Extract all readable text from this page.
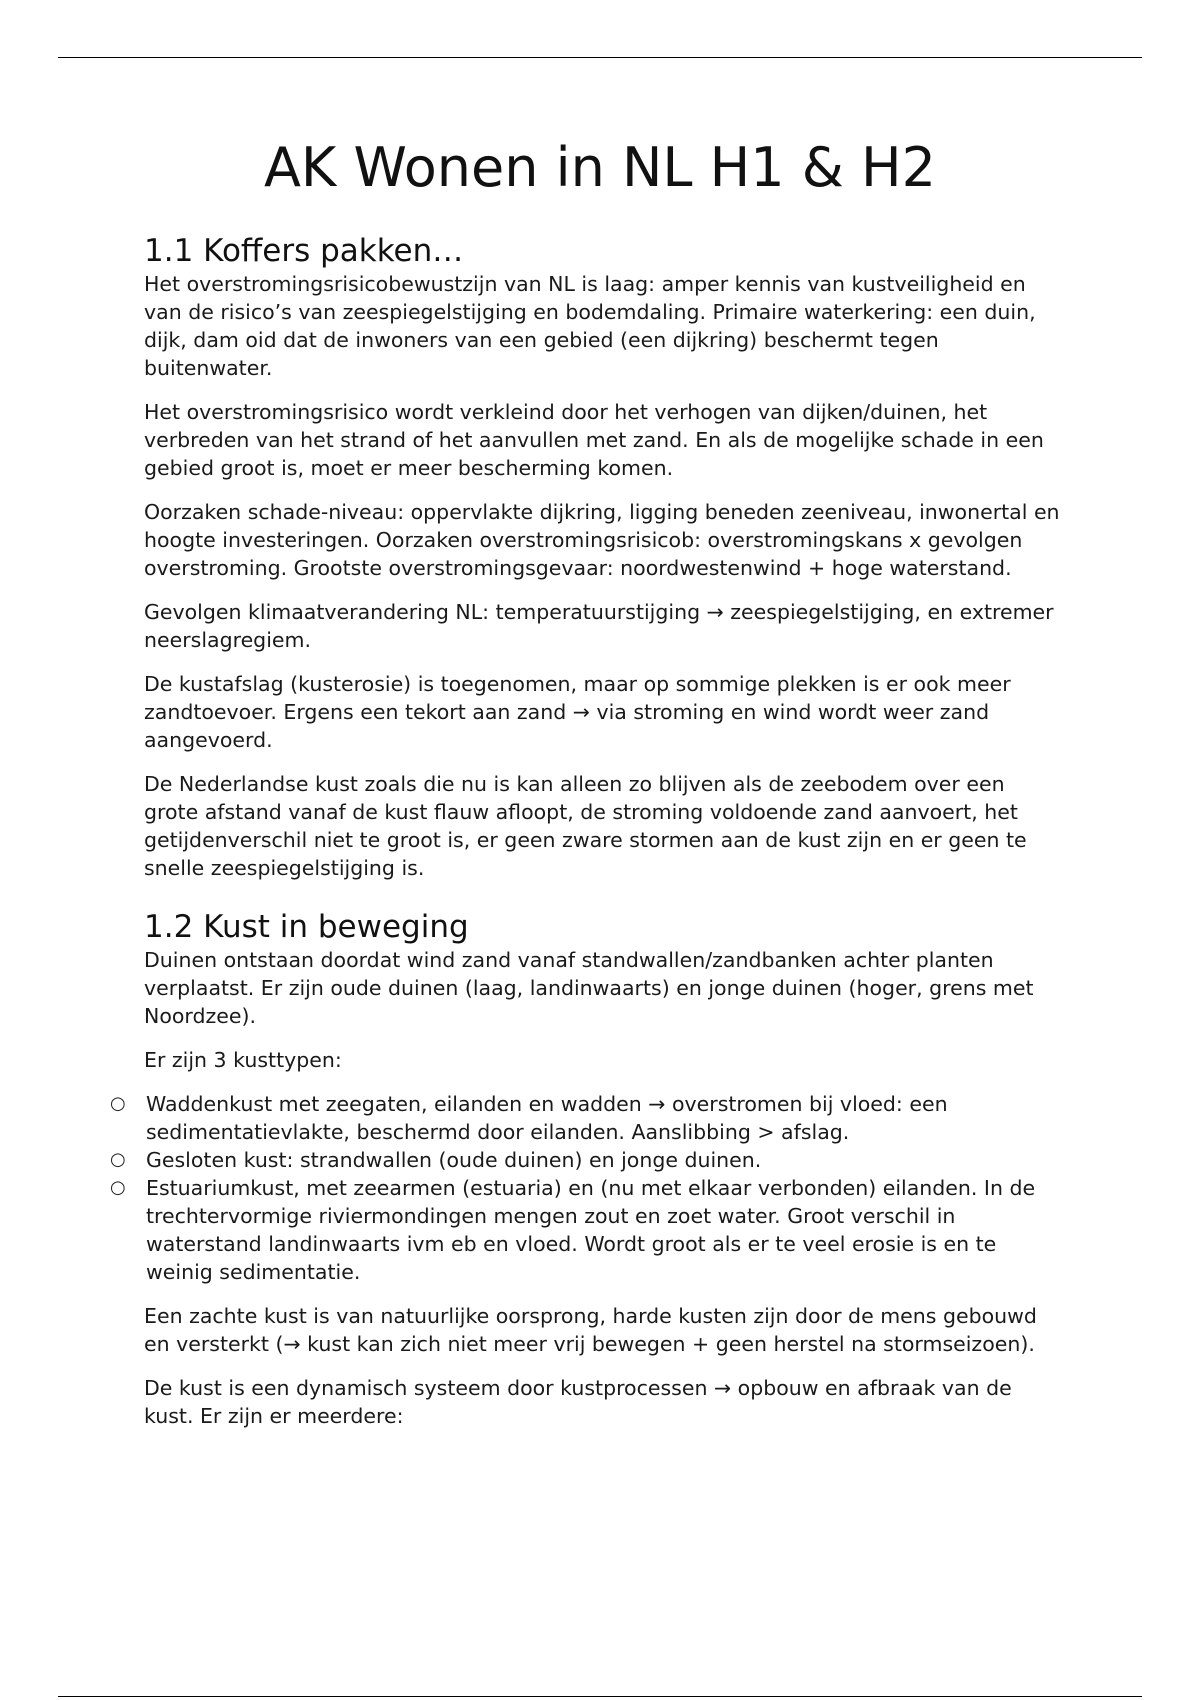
AK Wonen in NL H1 & H2
1.1 Koffers pakken…

Het overstromingsrisicobewustzijn van NL is laag: amper kennis van kustveiligheid en van de risico’s van zeespiegelstijging en bodemdaling. Primaire waterkering: een duin, dijk, dam oid dat de inwoners van een gebied (een dijkring) beschermt tegen buitenwater.

Het overstromingsrisico wordt verkleind door het verhogen van dijken/duinen, het verbreden van het strand of het aanvullen met zand. En als de mogelijke schade in een gebied groot is, moet er meer bescherming komen.

Oorzaken schade-niveau: oppervlakte dijkring, ligging beneden zeeniveau, inwonertal en hoogte investeringen. Oorzaken overstromingsrisicob: overstromingskans x gevolgen overstroming. Grootste overstromingsgevaar: noordwestenwind + hoge waterstand.

Gevolgen klimaatverandering NL: temperatuurstijging → zeespiegelstijging, en extremer neerslagregiem.

De kustafslag (kusterosie) is toegenomen, maar op sommige plekken is er ook meer zandtoevoer. Ergens een tekort aan zand → via stroming en wind wordt weer zand aangevoerd.

De Nederlandse kust zoals die nu is kan alleen zo blijven als de zeebodem over een grote afstand vanaf de kust flauw afloopt, de stroming voldoende zand aanvoert, het getijdenverschil niet te groot is, er geen zware stormen aan de kust zijn en er geen te snelle zeespiegelstijging is.

1.2 Kust in beweging

Duinen ontstaan doordat wind zand vanaf standwallen/zandbanken achter planten verplaatst. Er zijn oude duinen (laag, landinwaarts) en jonge duinen (hoger, grens met Noordzee).

Er zijn 3 kusttypen:

○ Waddenkust met zeegaten, eilanden en wadden → overstromen bij vloed: een sedimentatievlakte, beschermd door eilanden. Aanslibbing > afslag.
○ Gesloten kust: strandwallen (oude duinen) en jonge duinen.
○ Estuariumkust, met zeearmen (estuaria) en (nu met elkaar verbonden) eilanden. In de trechtervormige riviermondingen mengen zout en zoet water. Groot verschil in waterstand landinwaarts ivm eb en vloed. Wordt groot als er te veel erosie is en te weinig sedimentatie.

Een zachte kust is van natuurlijke oorsprong, harde kusten zijn door de mens gebouwd en versterkt (→ kust kan zich niet meer vrij bewegen + geen herstel na stormseizoen).

De kust is een dynamisch systeem door kustprocessen → opbouw en afbraak van de kust. Er zijn er meerdere:
